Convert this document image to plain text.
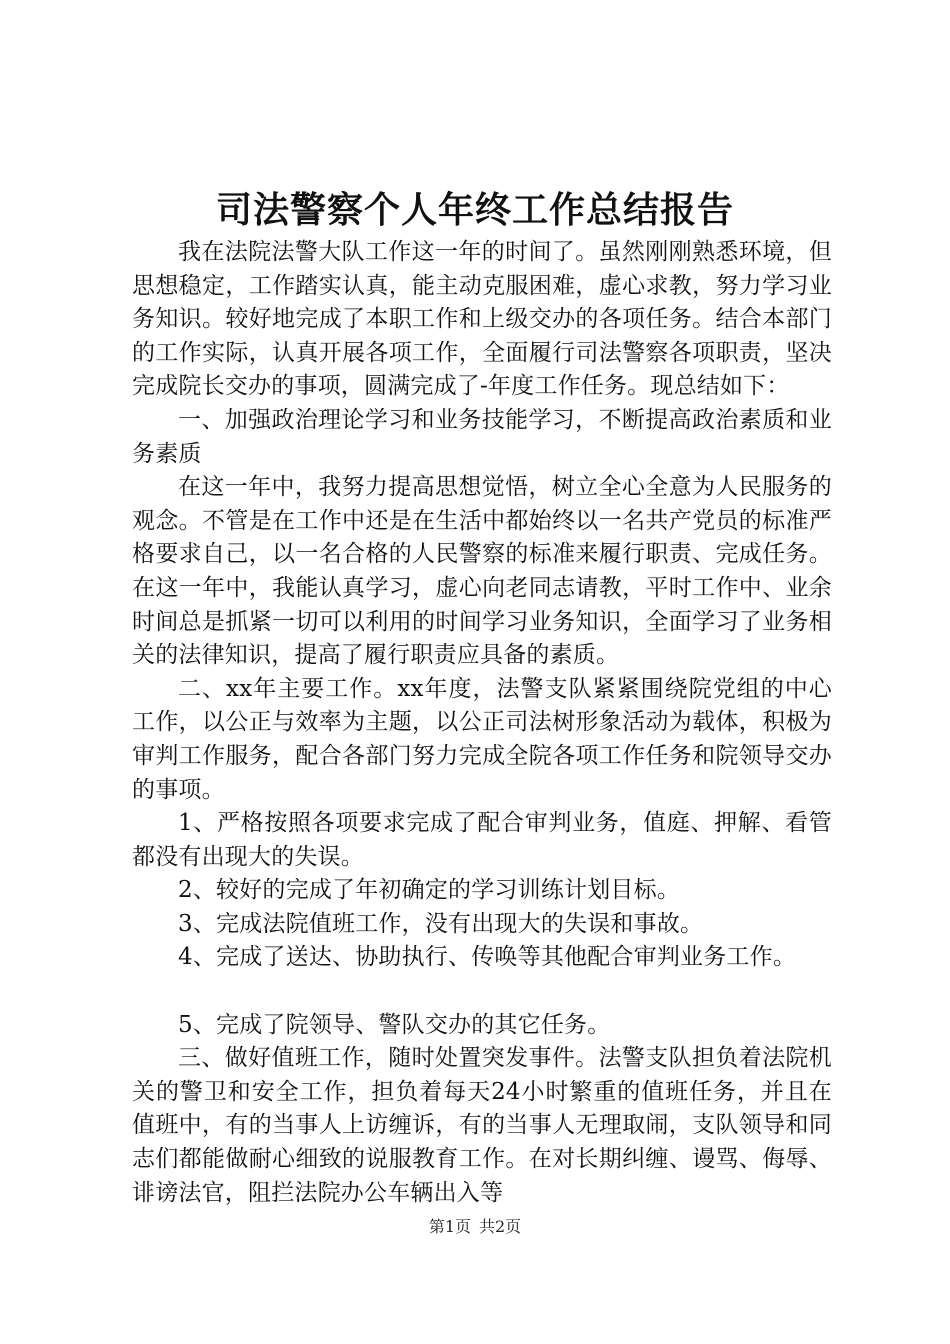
司法警察个人年终工作总结报告

我在法院法警大队工作这一年的时间了。虽然刚刚熟悉环境，但思想稳定，工作踏实认真，能主动克服困难，虚心求教，努力学习业务知识。较好地完成了本职工作和上级交办的各项任务。结合本部门的工作实际，认真开展各项工作，全面履行司法警察各项职责，坚决完成院长交办的事项，圆满完成了-年度工作任务。现总结如下：

一、加强政治理论学习和业务技能学习，不断提高政治素质和业务素质

在这一年中，我努力提高思想觉悟，树立全心全意为人民服务的观念。不管是在工作中还是在生活中都始终以一名共产党员的标准严格要求自己，以一名合格的人民警察的标准来履行职责、完成任务。在这一年中，我能认真学习，虚心向老同志请教，平时工作中、业余时间总是抓紧一切可以利用的时间学习业务知识，全面学习了业务相关的法律知识，提高了履行职责应具备的素质。

二、xx年主要工作。xx年度，法警支队紧紧围绕院党组的中心工作，以公正与效率为主题，以公正司法树形象活动为载体，积极为审判工作服务，配合各部门努力完成全院各项工作任务和院领导交办的事项。

1、严格按照各项要求完成了配合审判业务，值庭、押解、看管都没有出现大的失误。

2、较好的完成了年初确定的学习训练计划目标。

3、完成法院值班工作，没有出现大的失误和事故。

4、完成了送达、协助执行、传唤等其他配合审判业务工作。

5、完成了院领导、警队交办的其它任务。

三、做好值班工作，随时处置突发事件。法警支队担负着法院机关的警卫和安全工作，担负着每天24小时繁重的值班任务，并且在值班中，有的当事人上访缠诉，有的当事人无理取闹，支队领导和同志们都能做耐心细致的说服教育工作。在对长期纠缠、谩骂、侮辱、诽谤法官，阻拦法院办公车辆出入等

第1页 共2页
